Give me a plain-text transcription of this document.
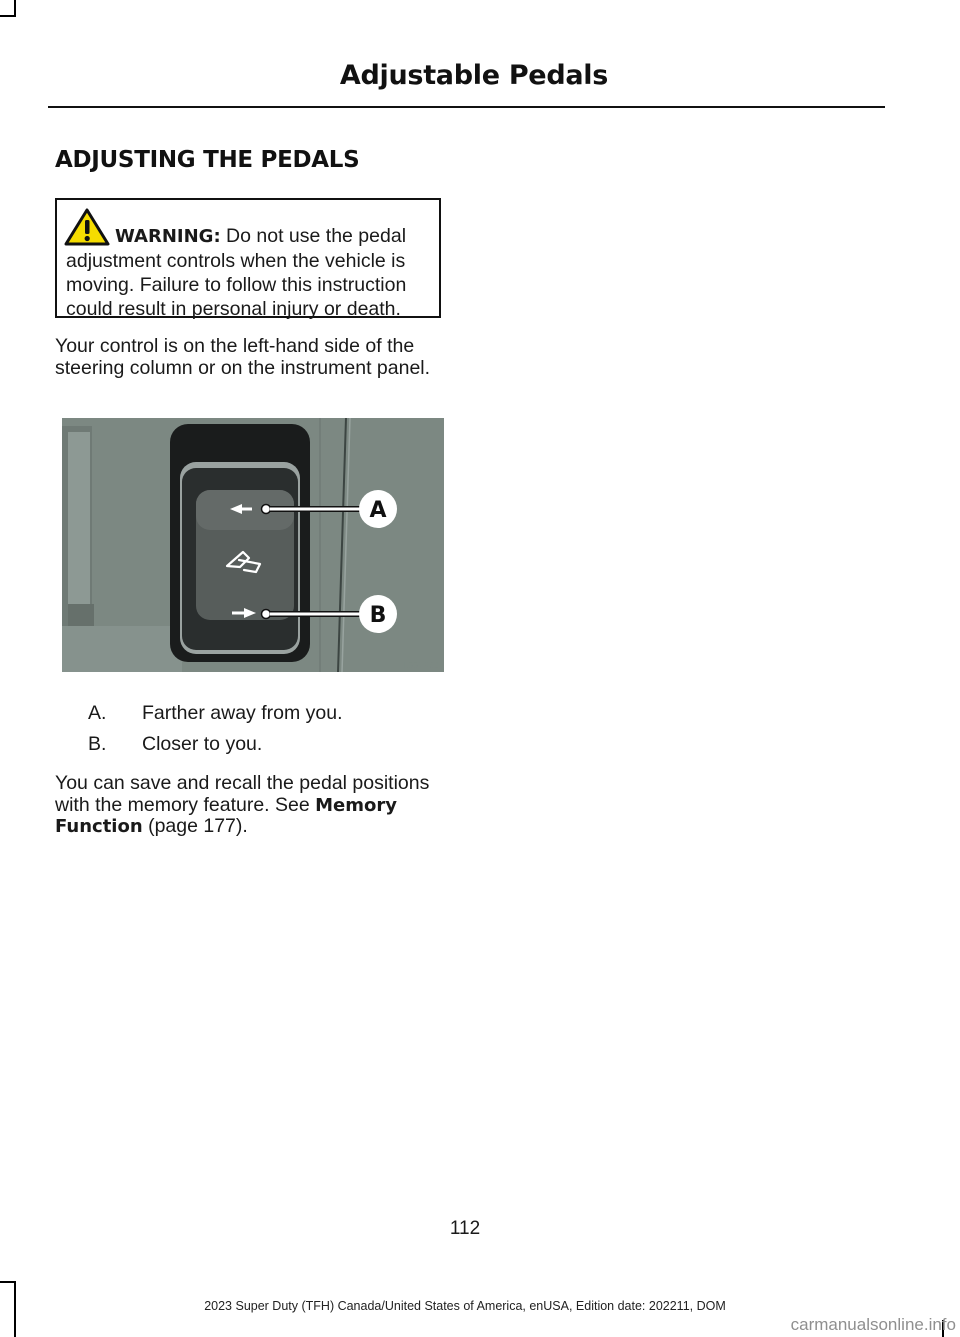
Adjustable Pedals
ADJUSTING THE PEDALS
WARNING: Do not use the pedal adjustment controls when the vehicle is moving. Failure to follow this instruction could result in personal injury or death.
Your control is on the left-hand side of the steering column or on the instrument panel.
A
B
E337960
A. Farther away from you.
B. Closer to you.
You can save and recall the pedal positions with the memory feature. See Memory Function (page 177).
112
2023 Super Duty (TFH) Canada/United States of America, enUSA, Edition date: 202211, DOM
carmanualsonline.info
